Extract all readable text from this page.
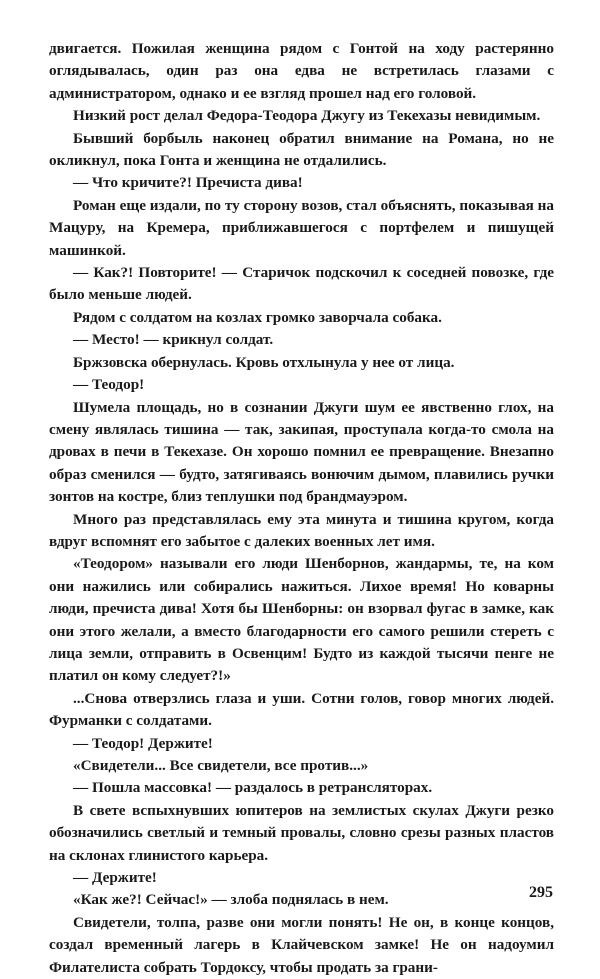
двигается. Пожилая женщина рядом с Гонтой на ходу растерянно оглядывалась, один раз она едва не встретилась глазами с администратором, однако и ее взгляд прошел над его головой.

Низкий рост делал Федора-Теодора Джугу из Текехазы невидимым.

Бывший борбыль наконец обратил внимание на Романа, но не окликнул, пока Гонта и женщина не отдалились.

— Что кричите?! Пречиста дива!

Роман еще издали, по ту сторону возов, стал объяснять, показывая на Мацуру, на Кремера, приближавшегося с портфелем и пишущей машинкой.

— Как?! Повторите! — Старичок подскочил к соседней повозке, где было меньше людей.

Рядом с солдатом на козлах громко заворчала собака.

— Место! — крикнул солдат.

Бржзовска обернулась. Кровь отхлынула у нее от лица.

— Теодор!

Шумела площадь, но в сознании Джуги шум ее явственно глох, на смену являлась тишина — так, закипая, проступала когда-то смола на дровах в печи в Текехазе. Он хорошо помнил ее превращение. Внезапно образ сменился — будто, затягиваясь вонючим дымом, плавились ручки зонтов на костре, близ теплушки под брандмауэром.

Много раз представлялась ему эта минута и тишина кругом, когда вдруг вспомнят его забытое с далеких военных лет имя.

«Теодором» называли его люди Шенборнов, жандармы, те, на ком они нажились или собирались нажиться. Лихое время! Но коварны люди, пречиста дива! Хотя бы Шенборны: он взорвал фугас в замке, как они этого желали, а вместо благодарности его самого решили стереть с лица земли, отправить в Освенцим! Будто из каждой тысячи пенге не платил он кому следует?!»

...Снова отверзлись глаза и уши. Сотни голов, говор многих людей. Фурманки с солдатами.

— Теодор! Держите!

«Свидетели... Все свидетели, все против...»

— Пошла массовка! — раздалось в ретрансляторах.

В свете вспыхнувших юпитеров на землистых скулах Джуги резко обозначились светлый и темный провалы, словно срезы разных пластов на склонах глинистого карьера.

— Держите!

«Как же?! Сейчас!» — злоба поднялась в нем.

Свидетели, толпа, разве они могли понять! Не он, в конце концов, создал временный лагерь в Клайчевском замке! Не он надоумил Филателиста собрать Тордоксу, чтобы продать за грани-

295
